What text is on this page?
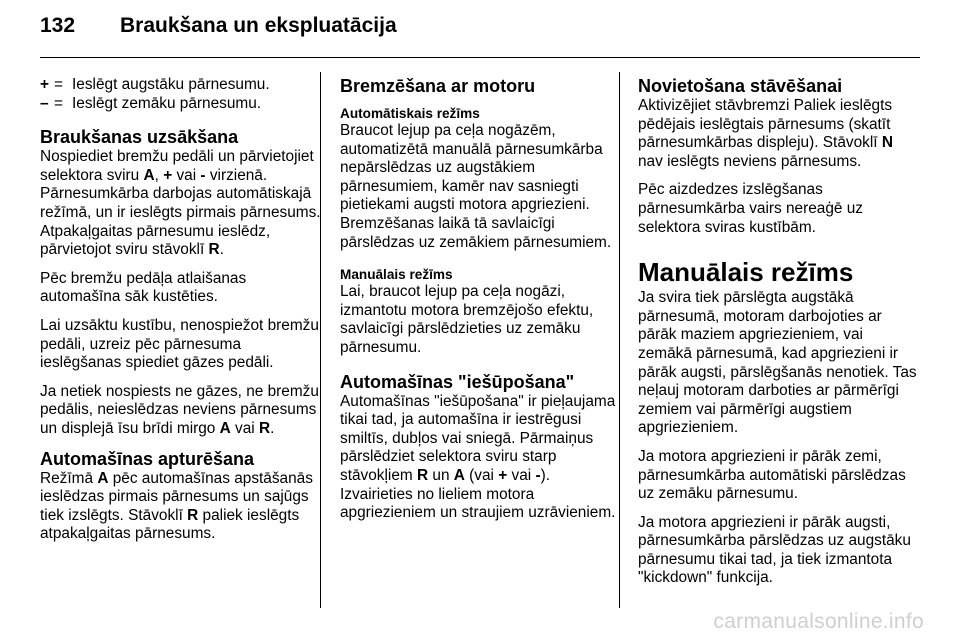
132 Braukšana un ekspluatācija
+ = Ieslēgt augstāku pārnesumu.
– = Ieslēgt zemāku pārnesumu.
Braukšanas uzsākšana

Nospiediet bremžu pedāli un pārvietojiet selektora sviru A, + vai - virzienā. Pārnesumkārba darbojas automātiskajā režīmā, un ir ieslēgts pirmais pārnesums. Atpakaļgaitas pārnesumu ieslēdz, pārvietojot sviru stāvoklī R.

Pēc bremžu pedāļa atlaišanas automašīna sāk kustēties.

Lai uzsāktu kustību, nenospiežot bremžu pedāli, uzreiz pēc pārnesuma ieslēgšanas spiediet gāzes pedāli.

Ja netiek nospiests ne gāzes, ne bremžu pedālis, neieslēdzas neviens pārnesums un displejā īsu brīdi mirgo A vai R.

Automašīnas apturēšana

Režīmā A pēc automašīnas apstāšanās ieslēdzas pirmais pārnesums un sajūgs tiek izslēgts. Stāvoklī R paliek ieslēgts atpakaļgaitas pārnesums.

Bremzēšana ar motoru
Automātiskais režīms

Braucot lejup pa ceļa nogāzēm, automatizētā manuālā pārnesumkārba nepārslēdzas uz augstākiem pārnesumiem, kamēr nav sasniegti pietiekami augsti motora apgriezieni. Bremzēšanas laikā tā savlaicīgi pārslēdzas uz zemākiem pārnesumiem.

Manuālais režīms

Lai, braucot lejup pa ceļa nogāzi, izmantotu motora bremzējošo efektu, savlaicīgi pārslēdzieties uz zemāku pārnesumu.

Automašīnas "iešūpošana"

Automašīnas "iešūpošana" ir pieļaujama tikai tad, ja automašīna ir iestrēgusi smiltīs, dubļos vai sniegā. Pārmaiņus pārslēdziet selektora sviru starp stāvokļiem R un A (vai + vai -). Izvairieties no lieliem motora apgriezieniem un straujiem uzrāvieniem.

Novietošana stāvēšanai

Aktivizējiet stāvbremzi Paliek ieslēgts pēdējais ieslēgtais pārnesums (skatīt pārnesumkārbas displeju). Stāvoklī N nav ieslēgts neviens pārnesums.

Pēc aizdedzes izslēgšanas pārnesumkārba vairs nereaģē uz selektora sviras kustībām.

Manuālais režīms

Ja svira tiek pārslēgta augstākā pārnesumā, motoram darbojoties ar pārāk maziem apgriezieniem, vai zemākā pārnesumā, kad apgriezieni ir pārāk augsti, pārslēgšanās nenotiek. Tas neļauj motoram darboties ar pārmērīgi zemiem vai pārmērīgi augstiem apgriezieniem.

Ja motora apgriezieni ir pārāk zemi, pārnesumkārba automātiski pārslēdzas uz zemāku pārnesumu.

Ja motora apgriezieni ir pārāk augsti, pārnesumkārba pārslēdzas uz augstāku pārnesumu tikai tad, ja tiek izmantota "kickdown" funkcija.

carmanualsonline.info
